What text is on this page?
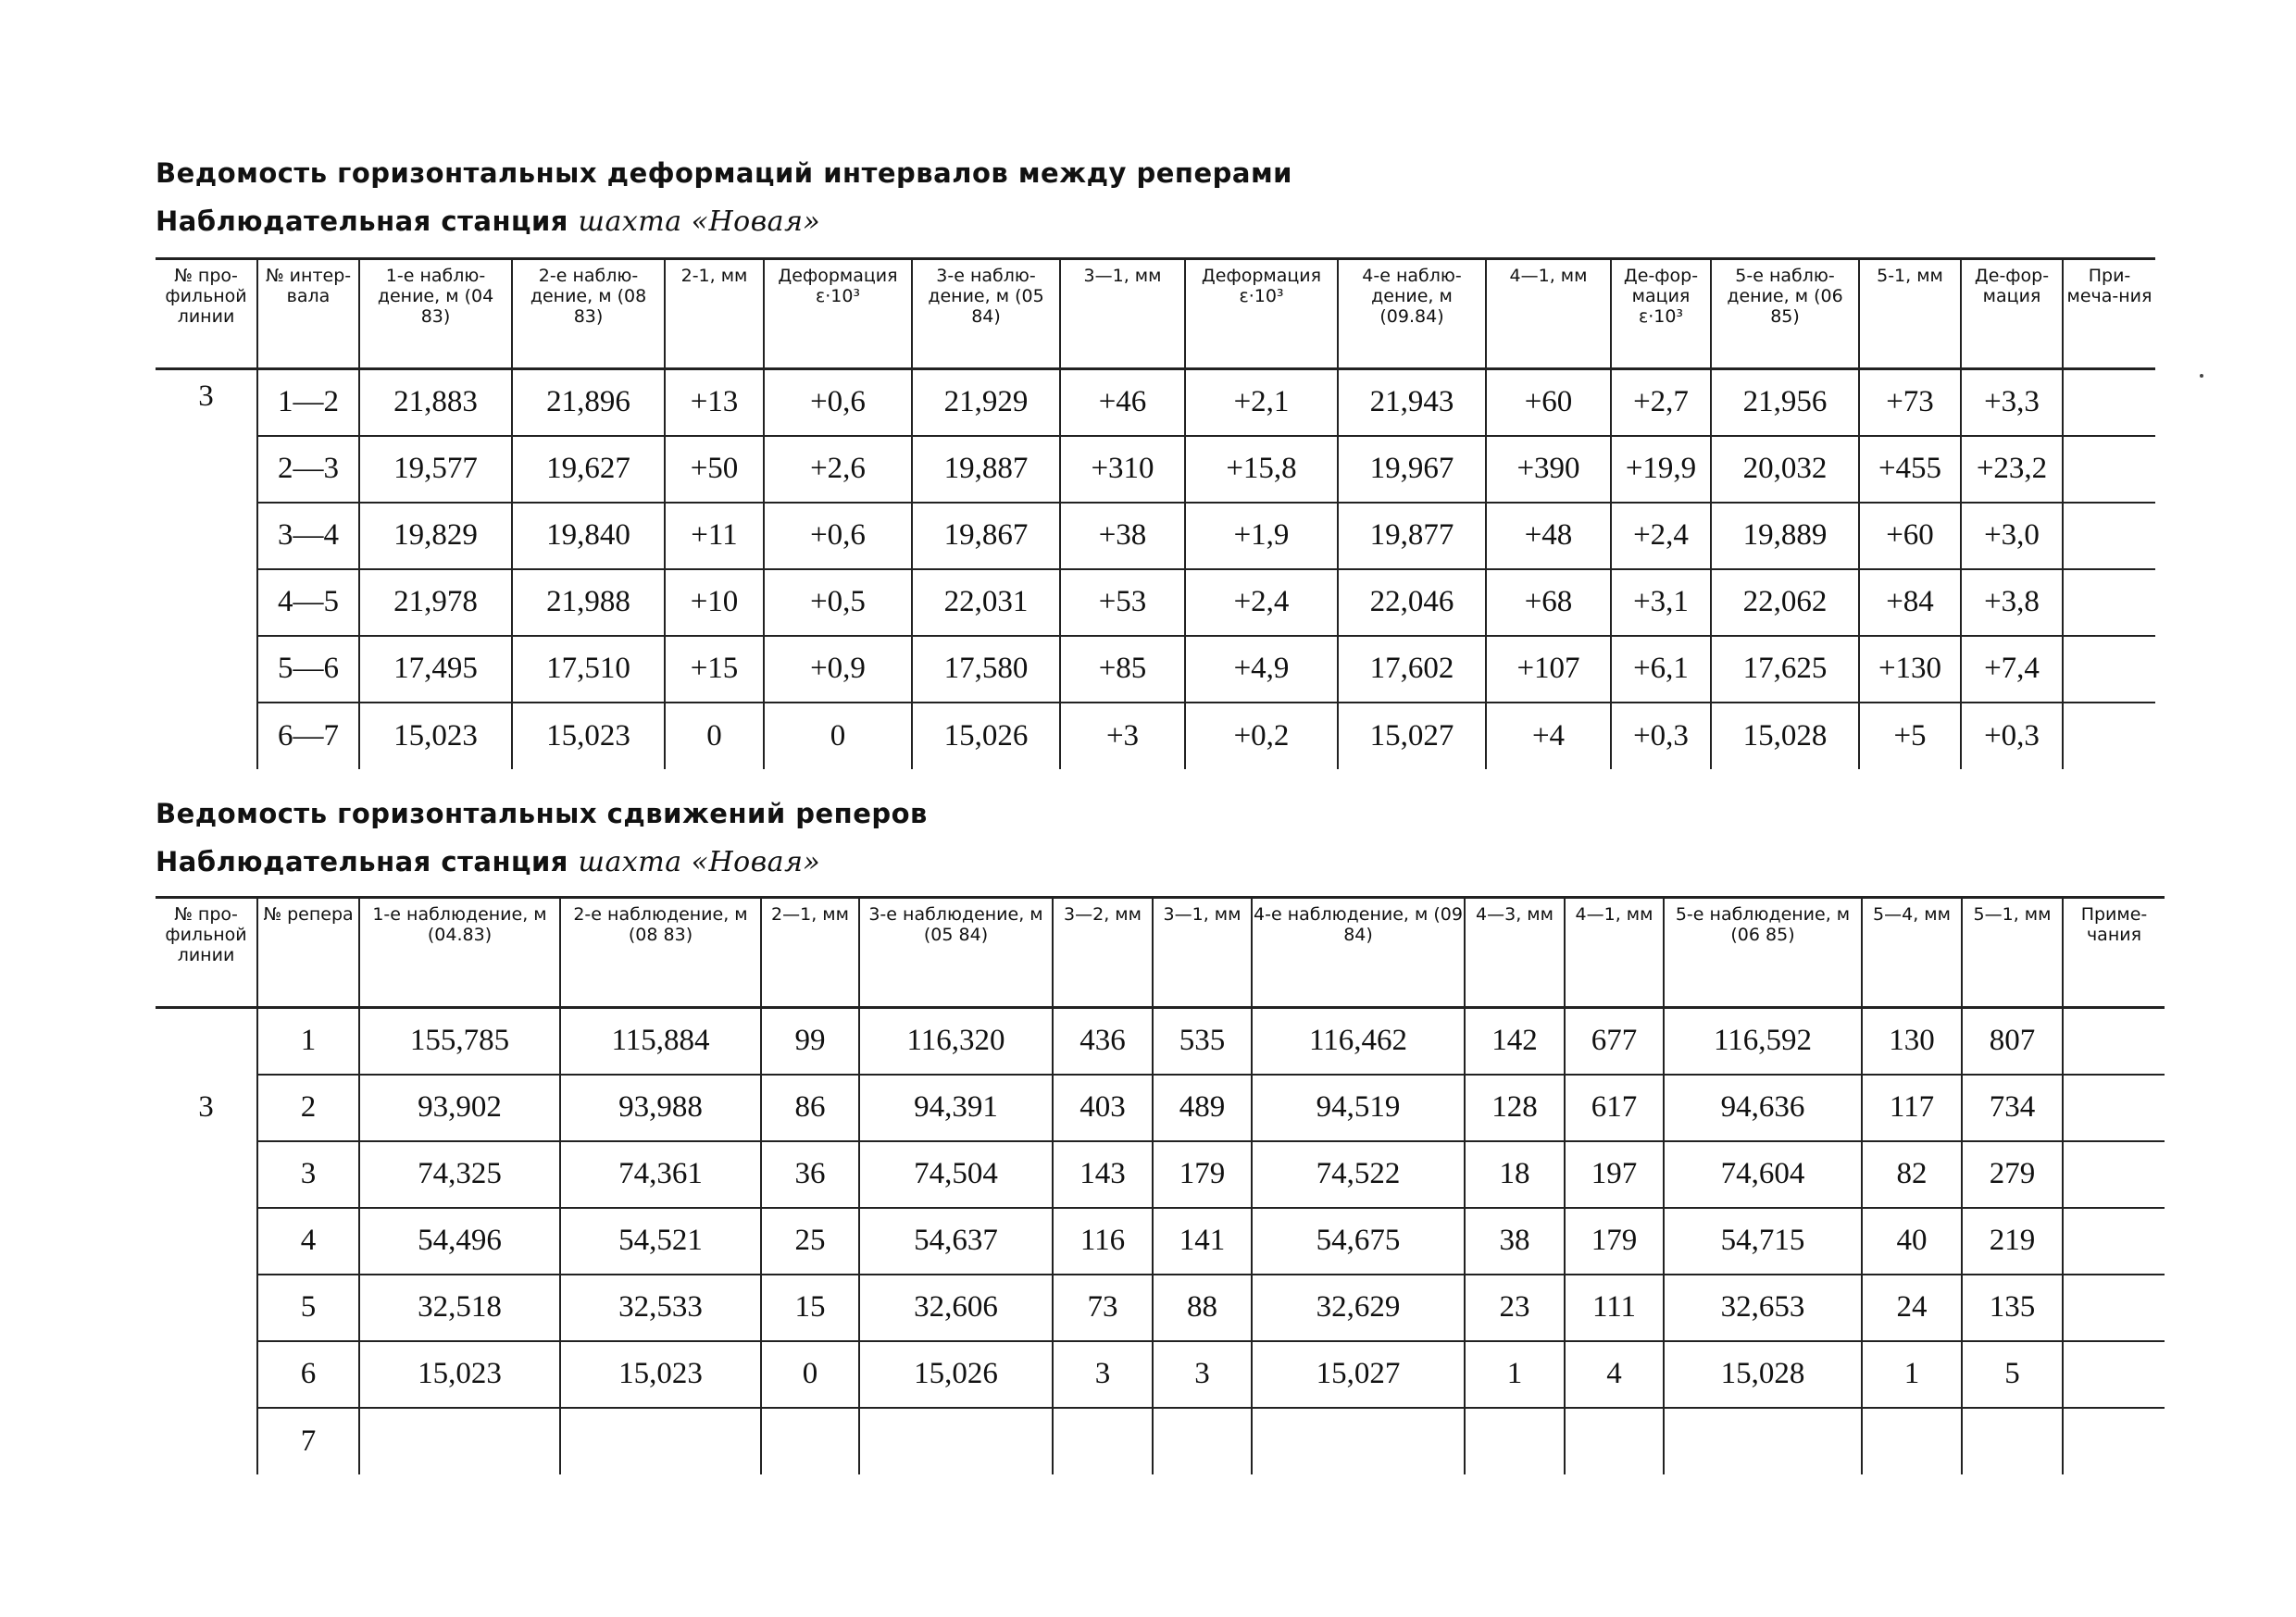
Ведомость горизонтальных деформаций интервалов между реперами
Наблюдательная станция шахта «Новая»
№ про-фильной линии	№ интер-вала	1-е наблю-дение, м (04 83)	2-е наблю-дение, м (08 83)	2-1, мм	Деформация ε·10³	3-е наблю-дение, м (05 84)	3—1, мм	Деформация ε·10³	4-е наблю-дение, м (09.84)	4—1, мм	Де-фор-мация ε·10³	5-е наблю-дение, м (06 85)	5-1, мм	Де-фор-мация	При-меча-ния
3	1—2	21,883	21,896	+13	+0,6	21,929	+46	+2,1	21,943	+60	+2,7	21,956	+73	+3,3	
	2—3	19,577	19,627	+50	+2,6	19,887	+310	+15,8	19,967	+390	+19,9	20,032	+455	+23,2	
	3—4	19,829	19,840	+11	+0,6	19,867	+38	+1,9	19,877	+48	+2,4	19,889	+60	+3,0	
	4—5	21,978	21,988	+10	+0,5	22,031	+53	+2,4	22,046	+68	+3,1	22,062	+84	+3,8	
	5—6	17,495	17,510	+15	+0,9	17,580	+85	+4,9	17,602	+107	+6,1	17,625	+130	+7,4	
	6—7	15,023	15,023	0	0	15,026	+3	+0,2	15,027	+4	+0,3	15,028	+5	+0,3	
Ведомость горизонтальных сдвижений реперов
Наблюдательная станция шахта «Новая»
№ про-фильной линии	№ репера	1-е наблюдение, м (04.83)	2-е наблюдение, м (08 83)	2—1, мм	3-е наблюдение, м (05 84)	3—2, мм	3—1, мм	4-е наблюдение, м (09 84)	4—3, мм	4—1, мм	5-е наблюдение, м (06 85)	5—4, мм	5—1, мм	Приме-чания
3	1	155,785	115,884	99	116,320	436	535	116,462	142	677	116,592	130	807	
	2	93,902	93,988	86	94,391	403	489	94,519	128	617	94,636	117	734	
	3	74,325	74,361	36	74,504	143	179	74,522	18	197	74,604	82	279	
	4	54,496	54,521	25	54,637	116	141	54,675	38	179	54,715	40	219	
	5	32,518	32,533	15	32,606	73	88	32,629	23	111	32,653	24	135	
	6	15,023	15,023	0	15,026	3	3	15,027	1	4	15,028	1	5	
	7													
